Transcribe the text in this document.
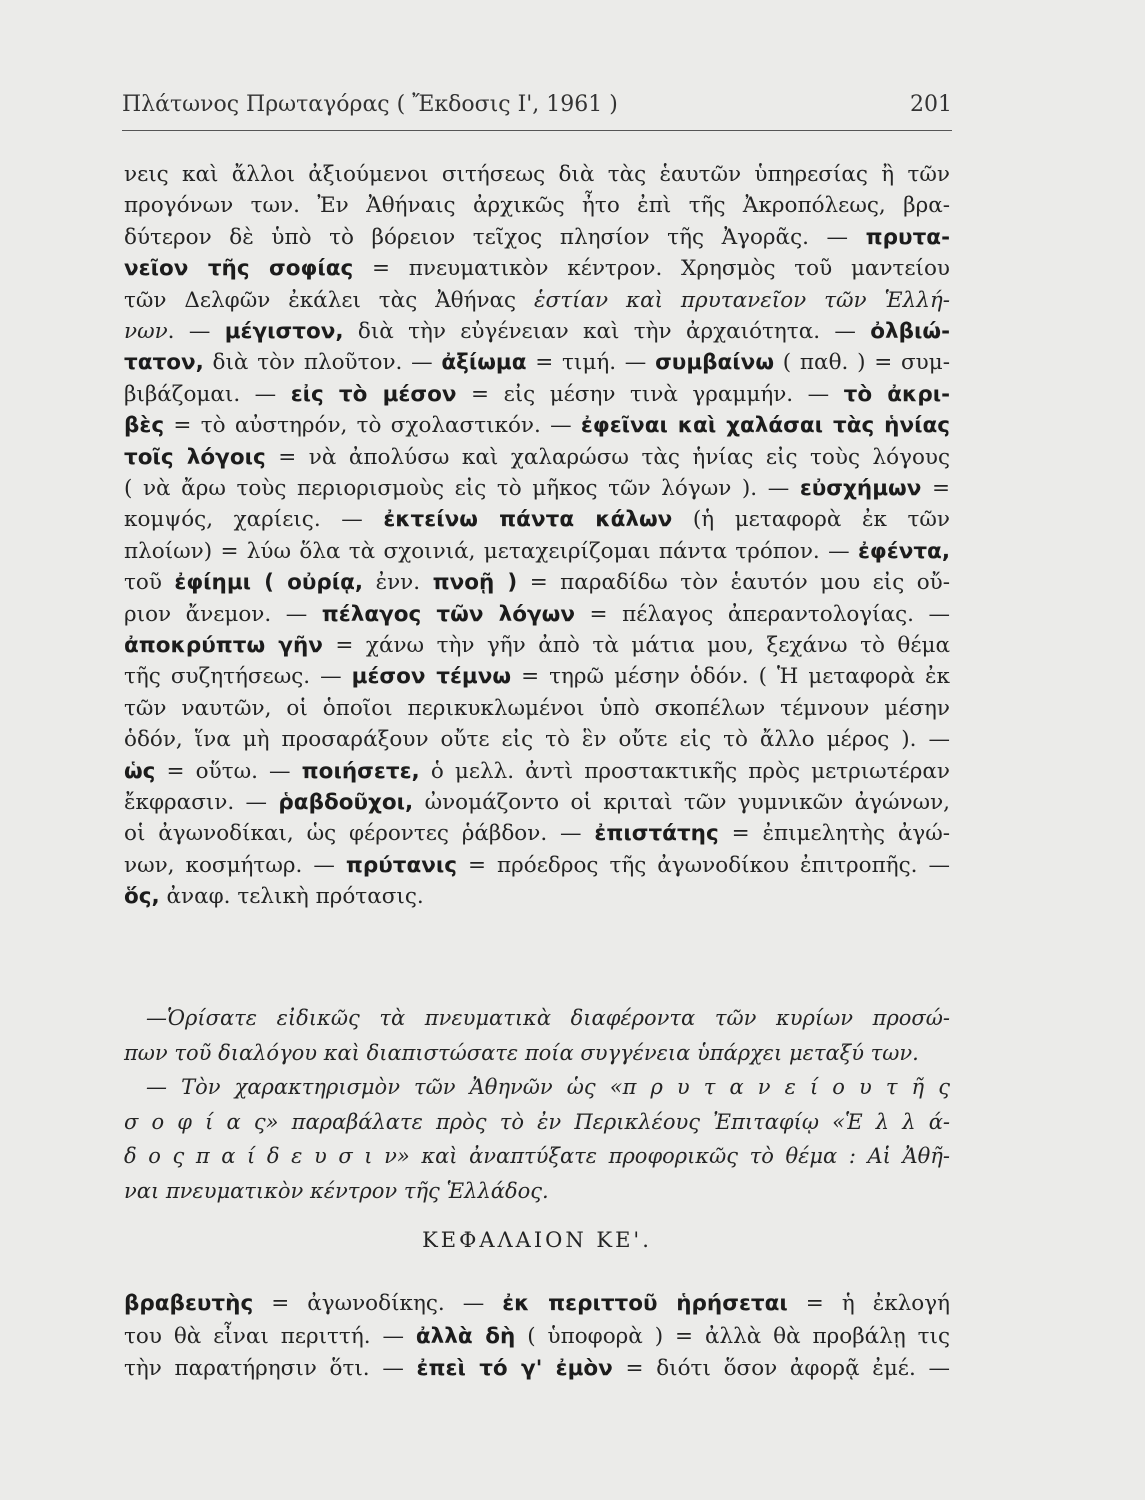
Πλάτωνος Πρωταγόρας ( Ἔκδοσις Ι', 1961 )	201

νεις καὶ ἄλλοι ἀξιούμενοι σιτήσεως διὰ τὰς ἑαυτῶν ὑπηρεσίας ἢ τῶν

προγόνων των. Ἐν Ἀθήναις ἀρχικῶς ἦτο ἐπὶ τῆς Ἀκροπόλεως, βρα-

δύτερον δὲ ὑπὸ τὸ βόρειον τεῖχος πλησίον τῆς Ἀγορᾶς. — πρυτα-

νεῖον τῆς σοφίας = πνευματικὸν κέντρον. Χρησμὸς τοῦ μαντείου

τῶν Δελφῶν ἐκάλει τὰς Ἀθήνας ἑστίαν καὶ πρυτανεῖον τῶν Ἑλλή-

νων. — μέγιστον, διὰ τὴν εὐγένειαν καὶ τὴν ἀρχαιότητα. — ὀλβιώ-

τατον, διὰ τὸν πλοῦτον. — ἀξίωμα = τιμή. — συμβαίνω ( παθ. ) = συμ-

βιβάζομαι. — εἰς τὸ μέσον = εἰς μέσην τινὰ γραμμήν. — τὸ ἀκρι-

βὲς = τὸ αὐστηρόν, τὸ σχολαστικόν. — ἐφεῖναι καὶ χαλάσαι τὰς ἡνίας

τοῖς λόγοις = νὰ ἀπολύσω καὶ χαλαρώσω τὰς ἡνίας εἰς τοὺς λόγους

( νὰ ἄρω τοὺς περιορισμοὺς εἰς τὸ μῆκος τῶν λόγων ). — εὐσχήμων =

κομψός, χαρίεις. — ἐκτείνω πάντα κάλων (ἡ μεταφορὰ ἐκ τῶν

πλοίων) = λύω ὅλα τὰ σχοινιά, μεταχειρίζομαι πάντα τρόπον. — ἐφέντα,

τοῦ ἐφίημι ( οὐρίᾳ, ἐνν. πνοῇ ) = παραδίδω τὸν ἑαυτόν μου εἰς οὔ-

ριον ἄνεμον. — πέλαγος τῶν λόγων = πέλαγος ἀπεραντολογίας. —

ἀποκρύπτω γῆν = χάνω τὴν γῆν ἀπὸ τὰ μάτια μου, ξεχάνω τὸ θέμα

τῆς συζητήσεως. — μέσον τέμνω = τηρῶ μέσην ὁδόν. ( Ἡ μεταφορὰ ἐκ

τῶν ναυτῶν, οἱ ὁποῖοι περικυκλωμένοι ὑπὸ σκοπέλων τέμνουν μέσην

ὁδόν, ἵνα μὴ προσαράξουν οὔτε εἰς τὸ ἓν οὔτε εἰς τὸ ἄλλο μέρος ). —

ὡς = οὕτω. — ποιήσετε, ὁ μελλ. ἀντὶ προστακτικῆς πρὸς μετριωτέραν

ἔκφρασιν. — ῥαβδοῦχοι, ὠνομάζοντο οἱ κριταὶ τῶν γυμνικῶν ἀγώνων,

οἱ ἀγωνοδίκαι, ὡς φέροντες ῥάβδον. — ἐπιστάτης = ἐπιμελητὴς ἀγώ-

νων, κοσμήτωρ. — πρύτανις = πρόεδρος τῆς ἀγωνοδίκου ἐπιτροπῆς. —

ὅς, ἀναφ. τελικὴ πρότασις.

—Ὁρίσατε εἰδικῶς τὰ πνευματικὰ διαφέροντα τῶν κυρίων προσώ-

πων τοῦ διαλόγου καὶ διαπιστώσατε ποία συγγένεια ὑπάρχει μεταξύ των.

— Τὸν χαρακτηρισμὸν τῶν Ἀθηνῶν ὡς «π ρ υ τ α ν ε ί ο υ τ ῆ ς

σ ο φ ί α ς» παραβάλατε πρὸς τὸ ἐν Περικλέους Ἐπιταφίῳ «Ἑ λ λ ά-

δ ο ς π α ί δ ε υ σ ι ν» καὶ ἀναπτύξατε προφορικῶς τὸ θέμα : Αἱ Ἀθῆ-

ναι πνευματικὸν κέντρον τῆς Ἑλλάδος.

ΚΕΦΑΛΑΙΟΝ ΚΕ'.

βραβευτὴς = ἀγωνοδίκης. — ἐκ περιττοῦ ἡρήσεται = ἡ ἐκλογή

του θὰ εἶναι περιττή. — ἀλλὰ δὴ ( ὑποφορὰ ) = ἀλλὰ θὰ προβάλῃ τις

τὴν παρατήρησιν ὅτι. — ἐπεὶ τό γ' ἐμὸν = διότι ὅσον ἀφορᾷ ἐμέ. —
